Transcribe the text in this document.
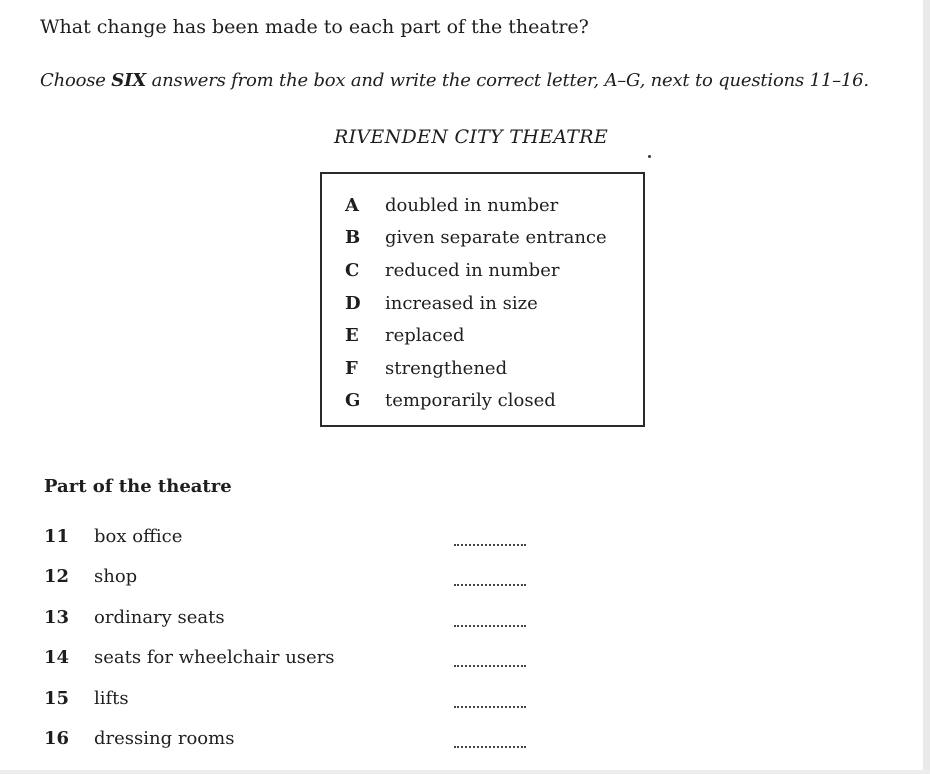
What change has been made to each part of the theatre?
Choose SIX answers from the box and write the correct letter, A–G, next to questions 11–16.
RIVENDEN CITY THEATRE
A	doubled in number
B	given separate entrance
C	reduced in number
D	increased in size
E	replaced
F	strengthened
G	temporarily closed
Part of the theatre
11 box office
12 shop
13 ordinary seats
14 seats for wheelchair users
15 lifts
16 dressing rooms
